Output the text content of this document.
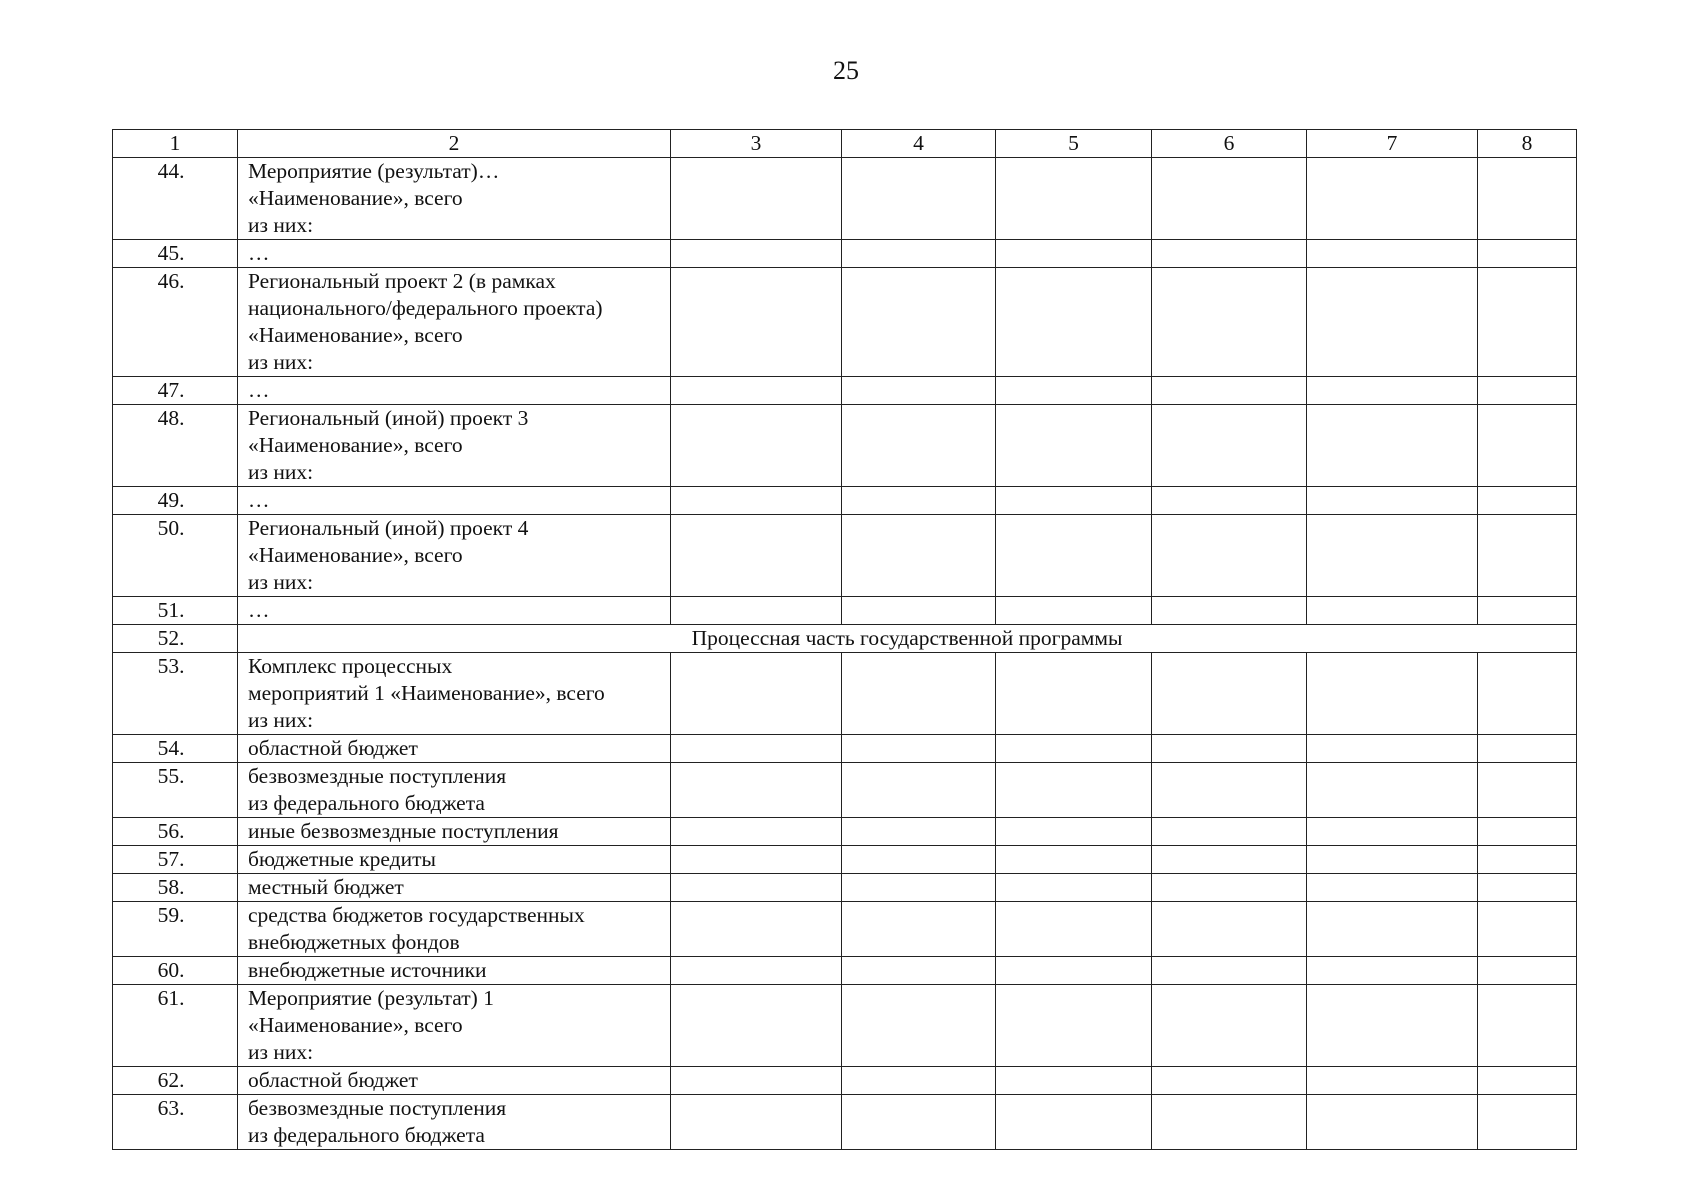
25
1	2	3	4	5	6	7	8
44.	Мероприятие (результат)…
«Наименование», всего
из них:						

45.	…						

46.	Региональный проект 2 (в рамках
национального/федерального проекта)
«Наименование», всего
из них:						

47.	…						

48.	Региональный (иной) проект 3
«Наименование», всего
из них:						

49.	…						

50.	Региональный (иной) проект 4
«Наименование», всего
из них:						

51.	…						

52.	Процессная часть государственной программы						
53.	Комплекс процессных
мероприятий 1 «Наименование», всего
из них:						

54.	областной бюджет						

55.	безвозмездные поступления
из федерального бюджета						

56.	иные безвозмездные поступления						

57.	бюджетные кредиты						

58.	местный бюджет						

59.	средства бюджетов государственных
внебюджетных фондов						

60.	внебюджетные источники						

61.	Мероприятие (результат) 1
«Наименование», всего
из них:						

62.	областной бюджет						

63.	безвозмездные поступления
из федерального бюджета						
